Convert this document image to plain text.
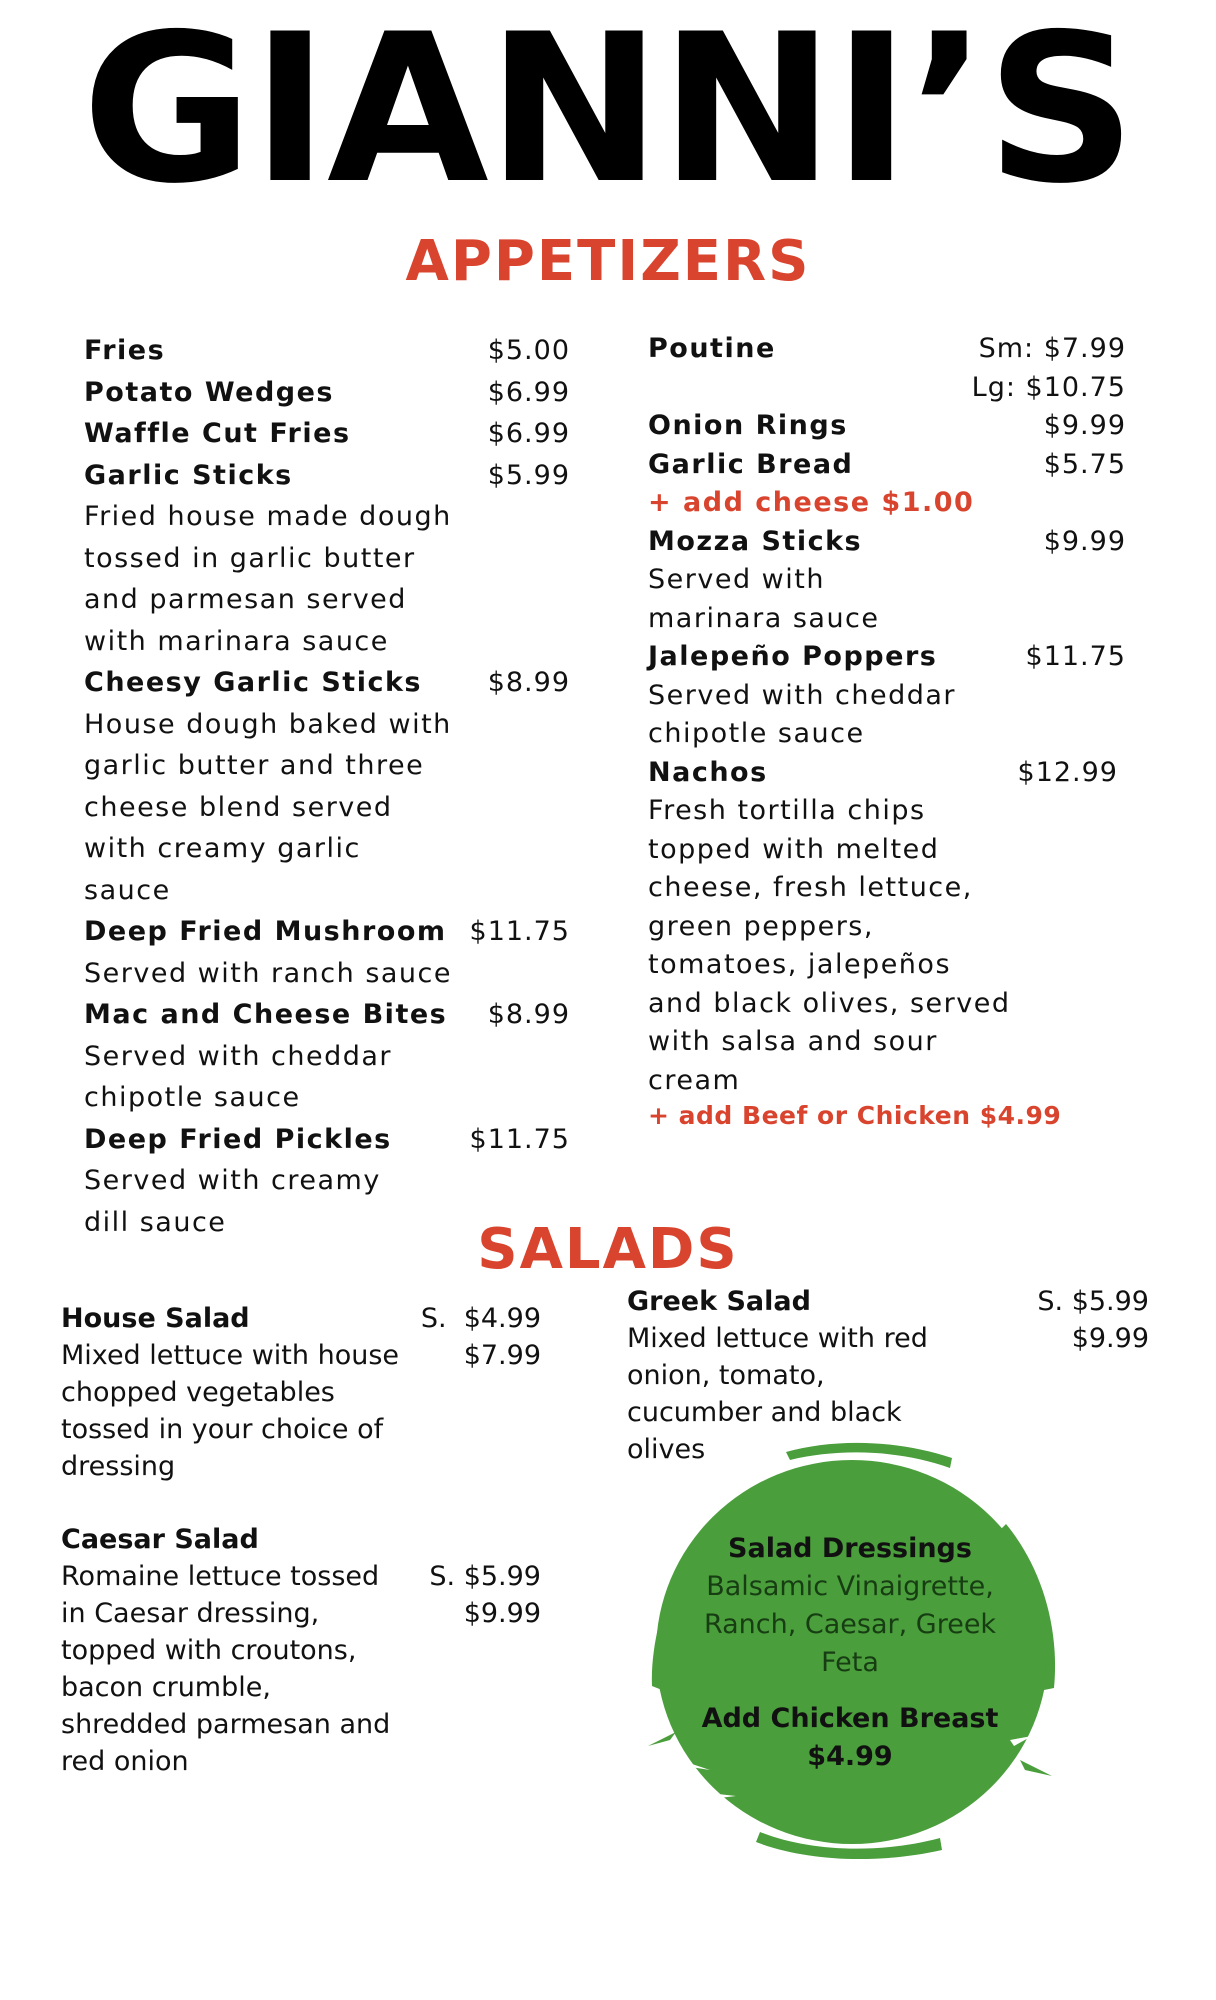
GIANNI’S
APPETIZERS
Fries	$5.00
Potato Wedges	$6.99
Waffle Cut Fries	$6.99
Garlic Sticks	$5.99
Fried house made dough tossed in garlic butter and parmesan served with marinara sauce
Cheesy Garlic Sticks $8.99
House dough baked with garlic butter and three cheese blend served with creamy garlic sauce
Deep Fried Mushroom $11.75
Served with ranch sauce
Mac and Cheese Bites $8.99
Served with cheddar chipotle sauce
Deep Fried Pickles	$11.75
Served with creamy dill sauce
Poutine	Sm: $7.99
Lg: $10.75
Onion Rings	$9.99
Garlic Bread	$5.75
+ add cheese $1.00
Mozza Sticks	$9.99
Served with marinara sauce
Jalepeño Poppers	$11.75
Served with cheddar chipotle sauce
Nachos	$12.99
Fresh tortilla chips topped with melted cheese, fresh lettuce, green peppers, tomatoes, jalepeños and black olives, served with salsa and sour cream
+ add Beef or Chicken $4.99
SALADS
House Salad
Mixed lettuce with house chopped vegetables tossed in your choice of dressing
S.  $4.99
$7.99
Caesar Salad
Romaine lettuce tossed in Caesar dressing, topped with croutons, bacon crumble, shredded parmesan and red onion
S. $5.99
$9.99
Greek Salad
Mixed lettuce with red onion, tomato, cucumber and black olives
S. $5.99
$9.99
Salad Dressings
Balsamic Vinaigrette, Ranch, Caesar, Greek Feta
Add Chicken Breast
$4.99
